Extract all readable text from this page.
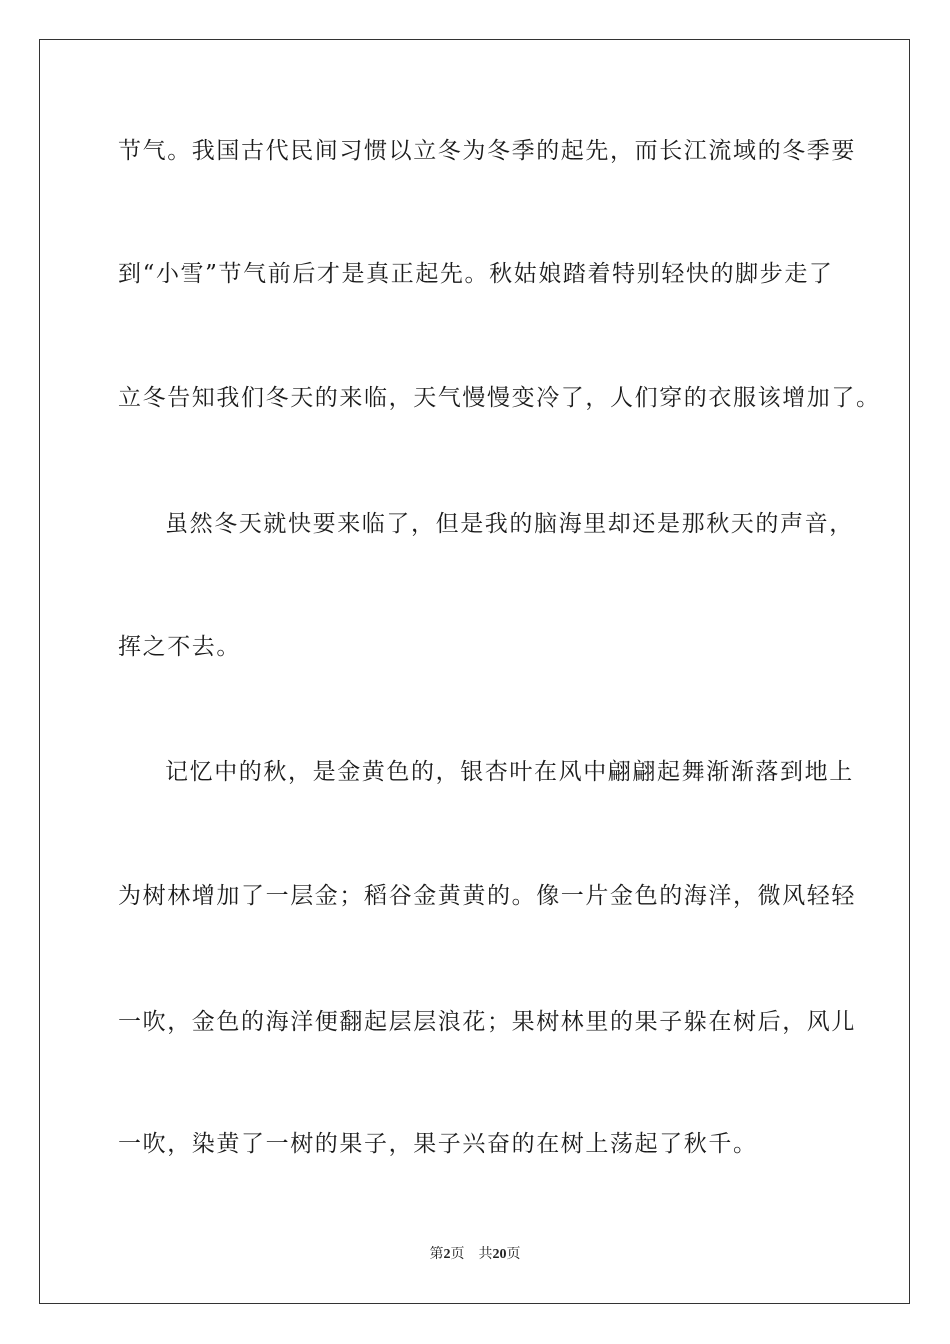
节气。我国古代民间习惯以立冬为冬季的起先，而长江流域的冬季要
到“小雪”节气前后才是真正起先。秋姑娘踏着特别轻快的脚步走了
立冬告知我们冬天的来临，天气慢慢变冷了，人们穿的衣服该增加了。
虽然冬天就快要来临了，但是我的脑海里却还是那秋天的声音，
挥之不去。
记忆中的秋，是金黄色的，银杏叶在风中翩翩起舞渐渐落到地上
为树林增加了一层金；稻谷金黄黄的。像一片金色的海洋，微风轻轻
一吹，金色的海洋便翻起层层浪花；果树林里的果子躲在树后，风儿
一吹，染黄了一树的果子，果子兴奋的在树上荡起了秋千。
第2页 共20页
